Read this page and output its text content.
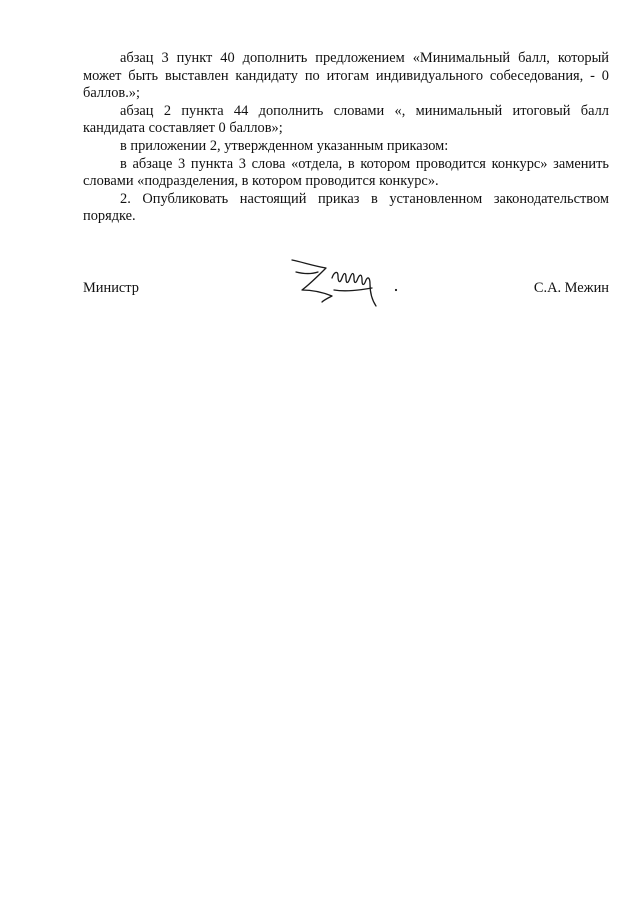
абзац 3 пункт 40 дополнить предложением «Минимальный балл, который может быть выставлен кандидату по итогам индивидуального собеседования, - 0 баллов.»;

абзац 2 пункта 44 дополнить словами «, минимальный итоговый балл кандидата составляет 0 баллов»;

в приложении 2, утвержденном указанным приказом:

в абзаце 3 пункта 3 слова «отдела, в котором проводится конкурс» заменить словами «подразделения, в котором проводится конкурс».

2. Опубликовать настоящий приказ в установленном законодательством порядке.

Министр	С.А. Межин
